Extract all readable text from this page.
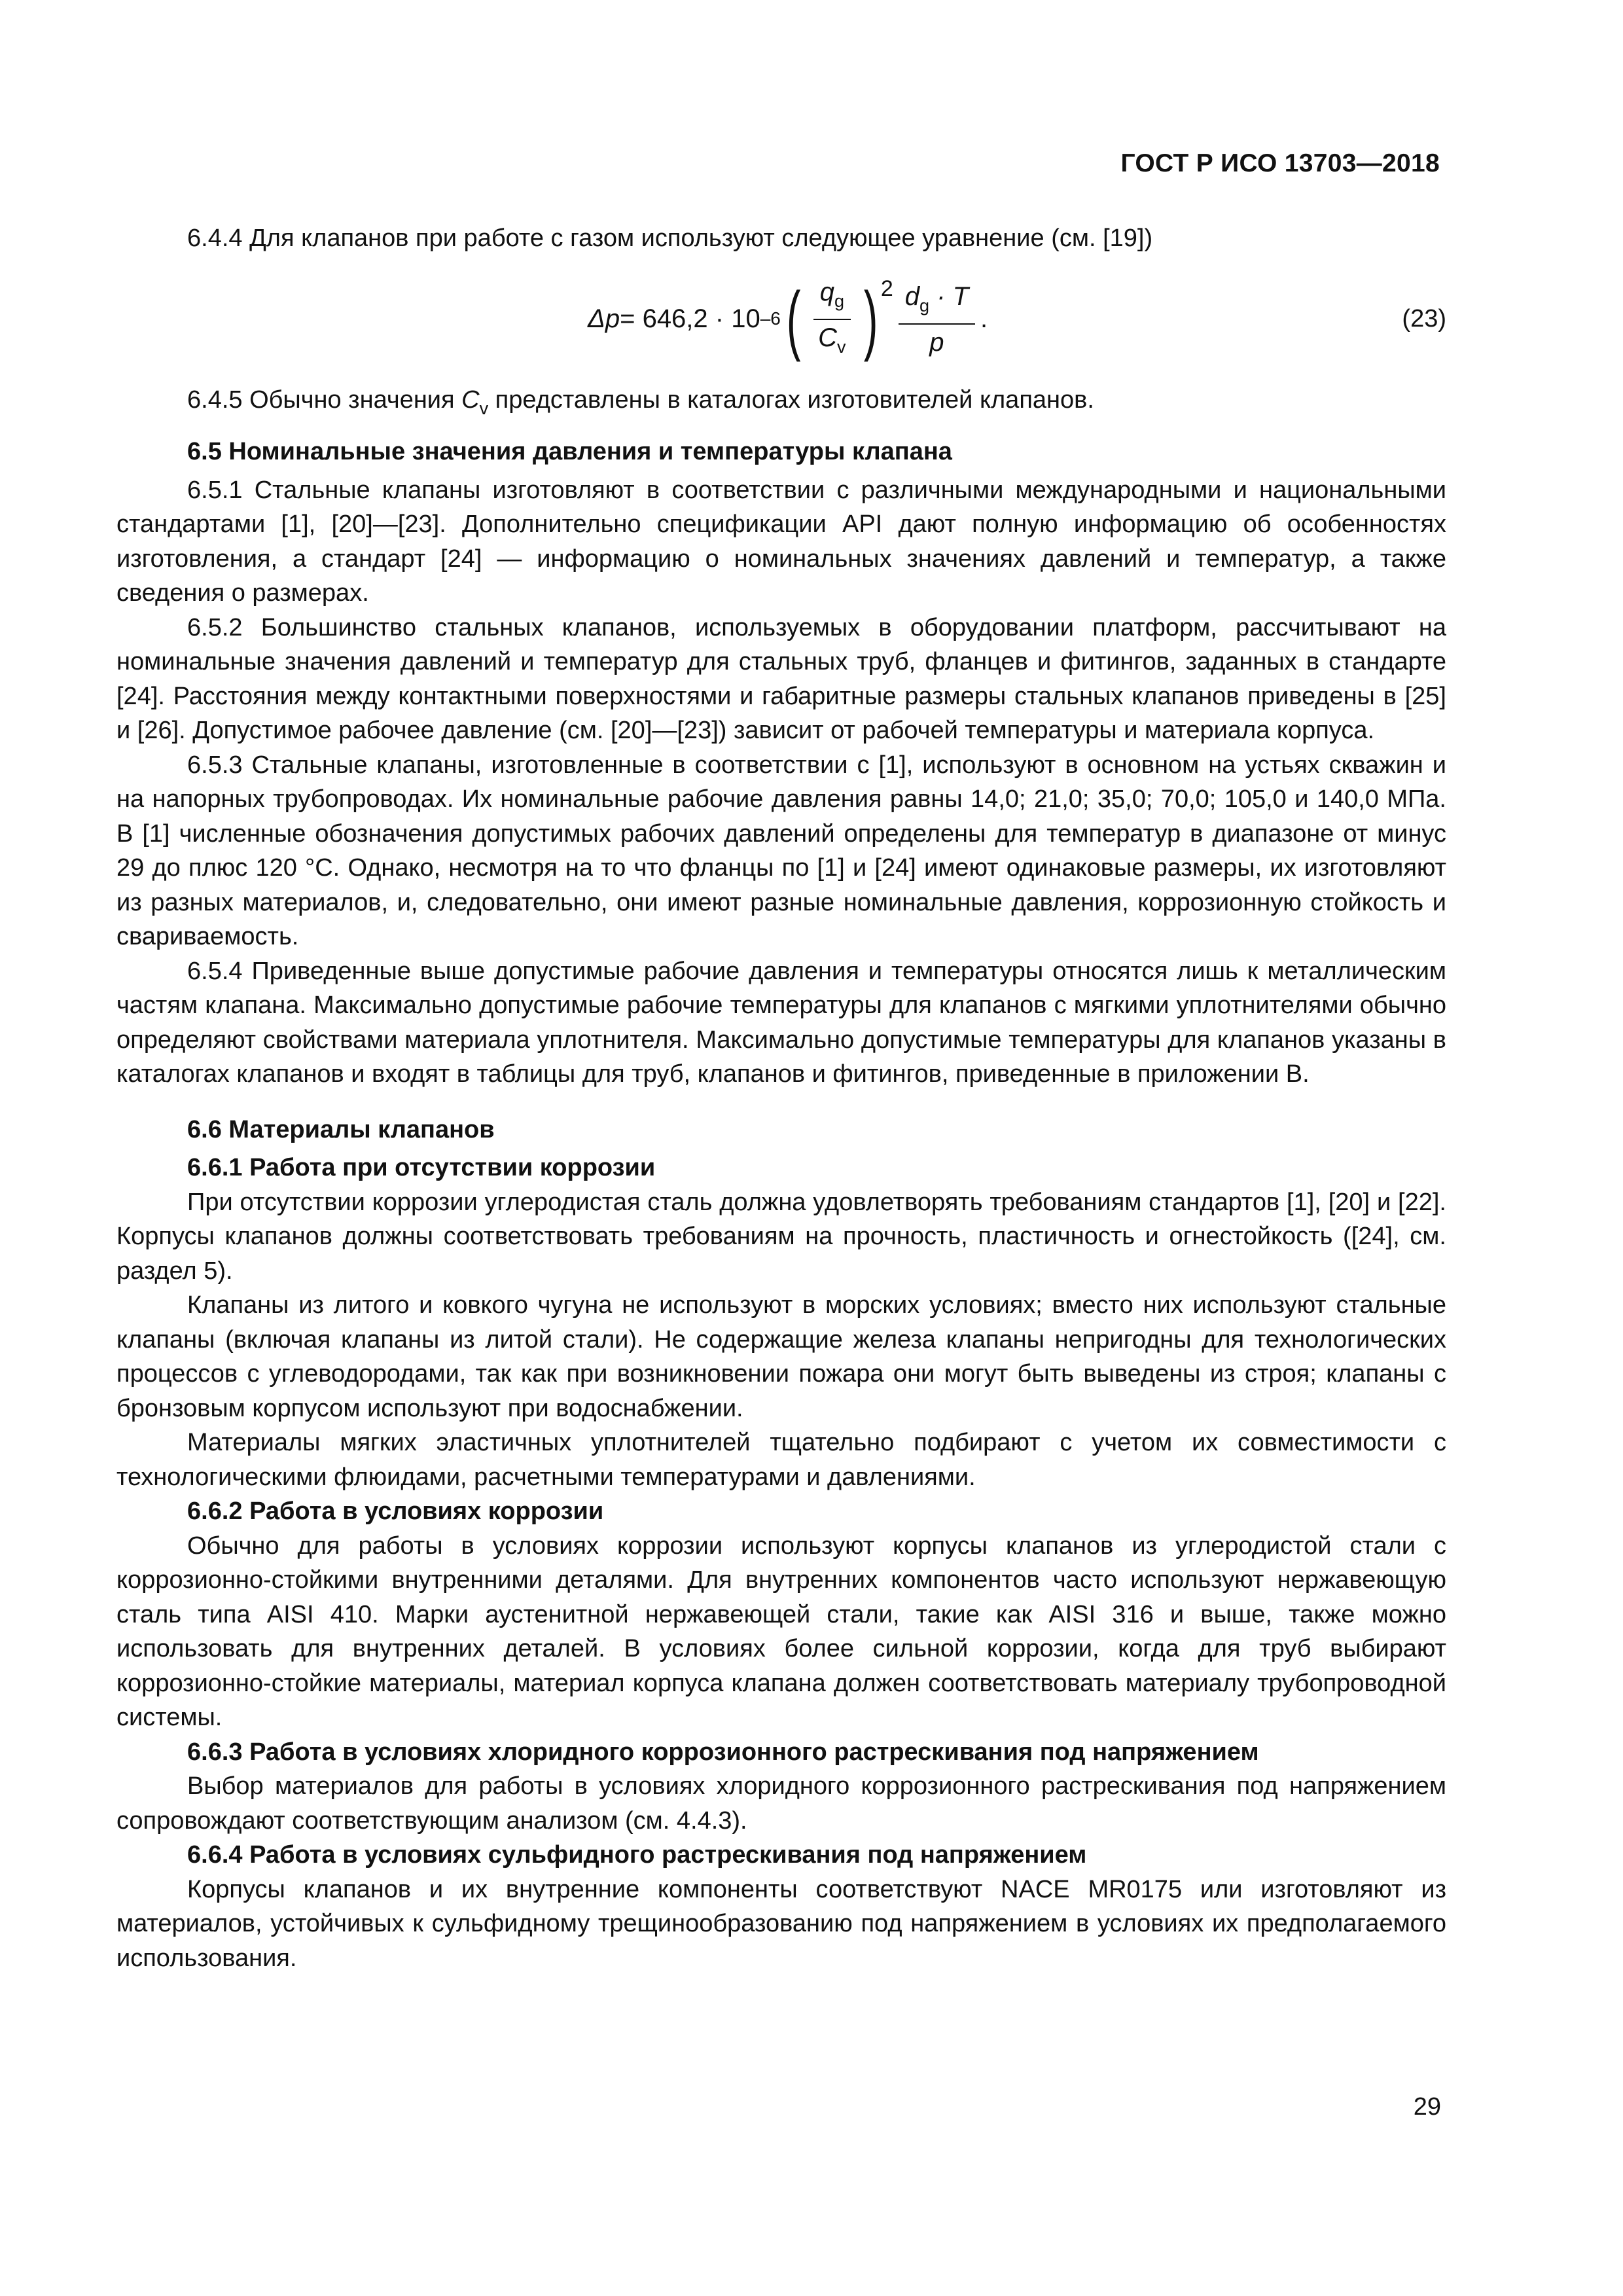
ГОСТ Р ИСО 13703—2018

6.4.4 Для клапанов при работе с газом используют следующее уравнение (см. [19])

Δp = 646,2 · 10 –6 ( $\frac{q_g}{C_v}$ ) $2 \frac{d_g \cdot T}{p}$ .	(23)

6.4.5 Обычно значения $C_v$ представлены в каталогах изготовителей клапанов.

6.5 Номинальные значения давления и температуры клапана

6.5.1 Стальные клапаны изготовляют в соответствии с различными международными и национальными стандартами [1], [20]—[23]. Дополнительно спецификации API дают полную информацию об особенностях изготовления, а стандарт [24] — информацию о номинальных значениях давлений и температур, а также сведения о размерах.

6.5.2 Большинство стальных клапанов, используемых в оборудовании платформ, рассчитывают на номинальные значения давлений и температур для стальных труб, фланцев и фитингов, заданных в стандарте [24]. Расстояния между контактными поверхностями и габаритные размеры стальных клапанов приведены в [25] и [26]. Допустимое рабочее давление (см. [20]—[23]) зависит от рабочей температуры и материала корпуса.

6.5.3 Стальные клапаны, изготовленные в соответствии с [1], используют в основном на устьях скважин и на напорных трубопроводах. Их номинальные рабочие давления равны 14,0; 21,0; 35,0; 70,0; 105,0 и 140,0 МПа. В [1] численные обозначения допустимых рабочих давлений определены для температур в диапазоне от минус 29 до плюс 120 °С. Однако, несмотря на то что фланцы по [1] и [24] имеют одинаковые размеры, их изготовляют из разных материалов, и, следовательно, они имеют разные номинальные давления, коррозионную стойкость и свариваемость.

6.5.4 Приведенные выше допустимые рабочие давления и температуры относятся лишь к металлическим частям клапана. Максимально допустимые рабочие температуры для клапанов с мягкими уплотнителями обычно определяют свойствами материала уплотнителя. Максимально допустимые температуры для клапанов указаны в каталогах клапанов и входят в таблицы для труб, клапанов и фитингов, приведенные в приложении В.

6.6 Материалы клапанов
6.6.1 Работа при отсутствии коррозии

При отсутствии коррозии углеродистая сталь должна удовлетворять требованиям стандартов [1], [20] и [22]. Корпусы клапанов должны соответствовать требованиям на прочность, пластичность и огнестойкость ([24], см. раздел 5).

Клапаны из литого и ковкого чугуна не используют в морских условиях; вместо них используют стальные клапаны (включая клапаны из литой стали). Не содержащие железа клапаны непригодны для технологических процессов с углеводородами, так как при возникновении пожара они могут быть выведены из строя; клапаны с бронзовым корпусом используют при водоснабжении.

Материалы мягких эластичных уплотнителей тщательно подбирают с учетом их совместимости с технологическими флюидами, расчетными температурами и давлениями.

6.6.2 Работа в условиях коррозии

Обычно для работы в условиях коррозии используют корпусы клапанов из углеродистой стали с коррозионно-стойкими внутренними деталями. Для внутренних компонентов часто используют нержавеющую сталь типа AISI 410. Марки аустенитной нержавеющей стали, такие как AISI 316 и выше, также можно использовать для внутренних деталей. В условиях более сильной коррозии, когда для труб выбирают коррозионно-стойкие материалы, материал корпуса клапана должен соответствовать материалу трубопроводной системы.

6.6.3 Работа в условиях хлоридного коррозионного растрескивания под напряжением

Выбор материалов для работы в условиях хлоридного коррозионного растрескивания под напряжением сопровождают соответствующим анализом (см. 4.4.3).

6.6.4 Работа в условиях сульфидного растрескивания под напряжением

Корпусы клапанов и их внутренние компоненты соответствуют NACE MR0175 или изготовляют из материалов, устойчивых к сульфидному трещинообразованию под напряжением в условиях их предполагаемого использования.

29
